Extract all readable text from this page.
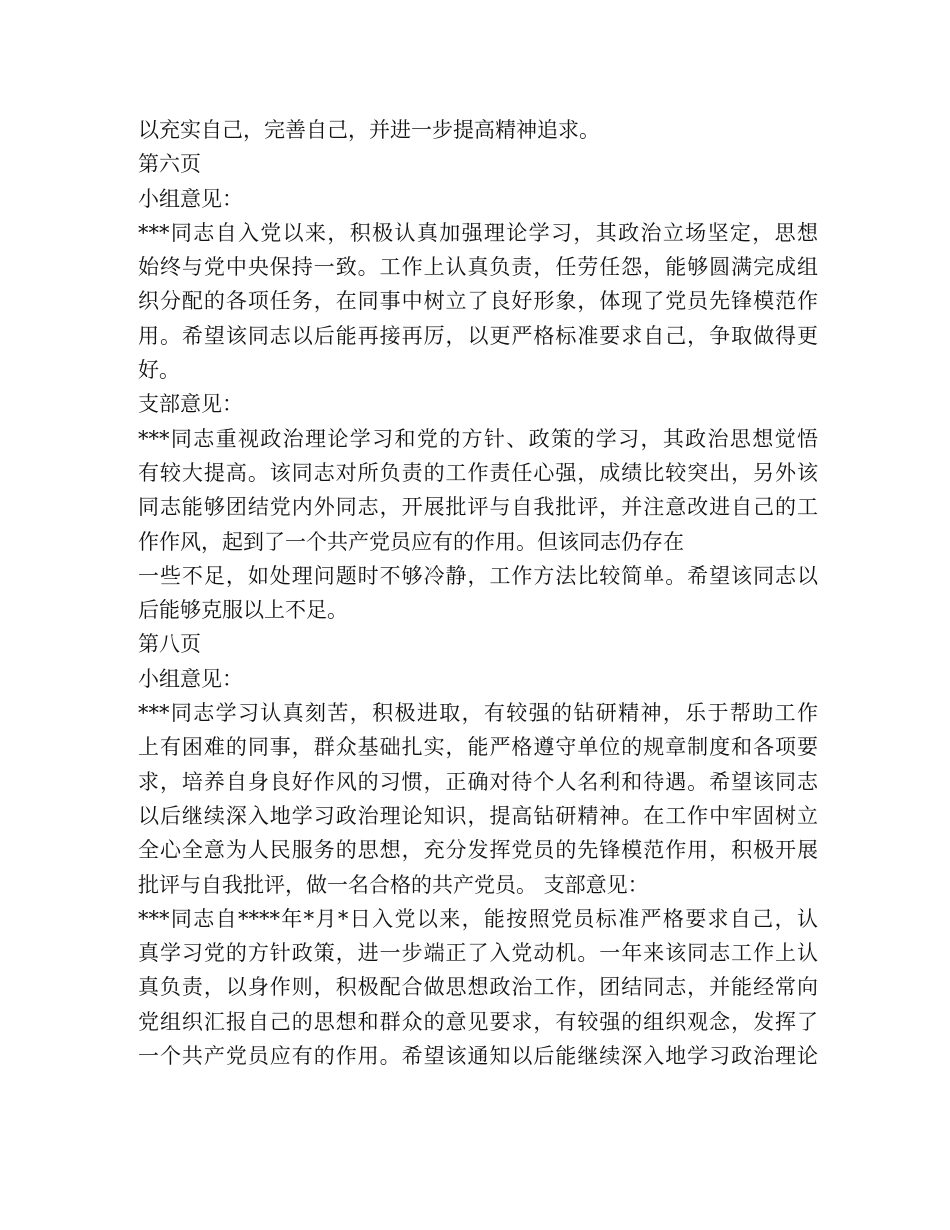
以充实自己，完善自己，并进一步提高精神追求。
第六页
小组意见：
***同志自入党以来，积极认真加强理论学习，其政治立场坚定，思想
始终与党中央保持一致。工作上认真负责，任劳任怨，能够圆满完成组
织分配的各项任务，在同事中树立了良好形象，体现了党员先锋模范作
用。希望该同志以后能再接再厉，以更严格标准要求自己，争取做得更
好。
支部意见：
***同志重视政治理论学习和党的方针、政策的学习，其政治思想觉悟
有较大提高。该同志对所负责的工作责任心强，成绩比较突出，另外该
同志能够团结党内外同志，开展批评与自我批评，并注意改进自己的工
作作风，起到了一个共产党员应有的作用。但该同志仍存在
一些不足，如处理问题时不够冷静，工作方法比较简单。希望该同志以
后能够克服以上不足。
第八页
小组意见：
***同志学习认真刻苦，积极进取，有较强的钻研精神，乐于帮助工作
上有困难的同事，群众基础扎实，能严格遵守单位的规章制度和各项要
求，培养自身良好作风的习惯，正确对待个人名利和待遇。希望该同志
以后继续深入地学习政治理论知识，提高钻研精神。在工作中牢固树立
全心全意为人民服务的思想，充分发挥党员的先锋模范作用，积极开展
批评与自我批评，做一名合格的共产党员。 支部意见：
***同志自****年*月*日入党以来，能按照党员标准严格要求自己，认
真学习党的方针政策，进一步端正了入党动机。一年来该同志工作上认
真负责，以身作则，积极配合做思想政治工作，团结同志，并能经常向
党组织汇报自己的思想和群众的意见要求，有较强的组织观念，发挥了
一个共产党员应有的作用。希望该通知以后能继续深入地学习政治理论
